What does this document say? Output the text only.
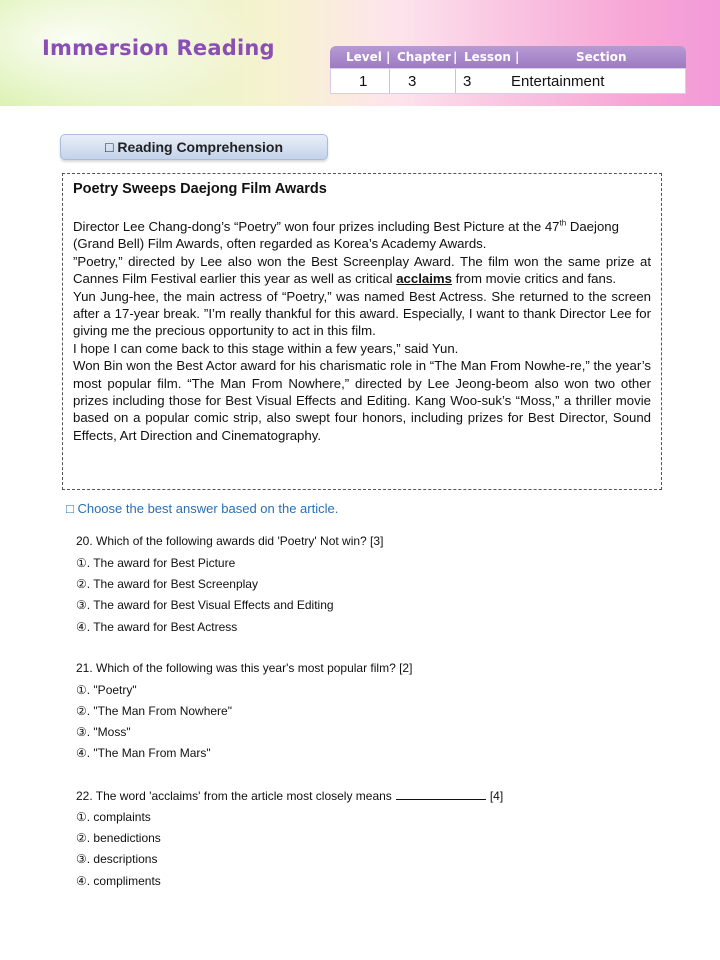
Immersion Reading	Level | Chapter | Lesson |	Section
1	3	3	Entertainment
□ Reading Comprehension
Poetry Sweeps Daejong Film Awards

Director Lee Chang-dong’s “Poetry” won four prizes including Best Picture at the 47th Daejong (Grand Bell) Film Awards, often regarded as Korea’s Academy Awards.

”Poetry,” directed by Lee also won the Best Screenplay Award. The film won the same prize at Cannes Film Festival earlier this year as well as critical acclaims from movie critics and fans.

Yun Jung-hee, the main actress of “Poetry,” was named Best Actress. She returned to the screen after a 17-year break. ”I’m really thankful for this award. Especially, I want to thank Director Lee for giving me the precious opportunity to act in this film.

I hope I can come back to this stage within a few years,” said Yun.

Won Bin won the Best Actor award for his charismatic role in “The Man From Nowhe-re,” the year’s most popular film. “The Man From Nowhere,” directed by Lee Jeong-beom also won two other prizes including those for Best Visual Effects and Editing. Kang Woo-suk’s “Moss,” a thriller movie based on a popular comic strip, also swept four honors, including prizes for Best Director, Sound Effects, Art Direction and Cinematography.

□ Choose the best answer based on the article.
20. Which of the following awards did 'Poetry' Not win? [3]
①. The award for Best Picture
②. The award for Best Screenplay
③. The award for Best Visual Effects and Editing
④. The award for Best Actress
21. Which of the following was this year's most popular film? [2]
①. "Poetry"
②. "The Man From Nowhere"
③. "Moss"
④. "The Man From Mars"
22. The word 'acclaims' from the article most closely means	[4]
①. complaints
②. benedictions
③. descriptions
④. compliments
